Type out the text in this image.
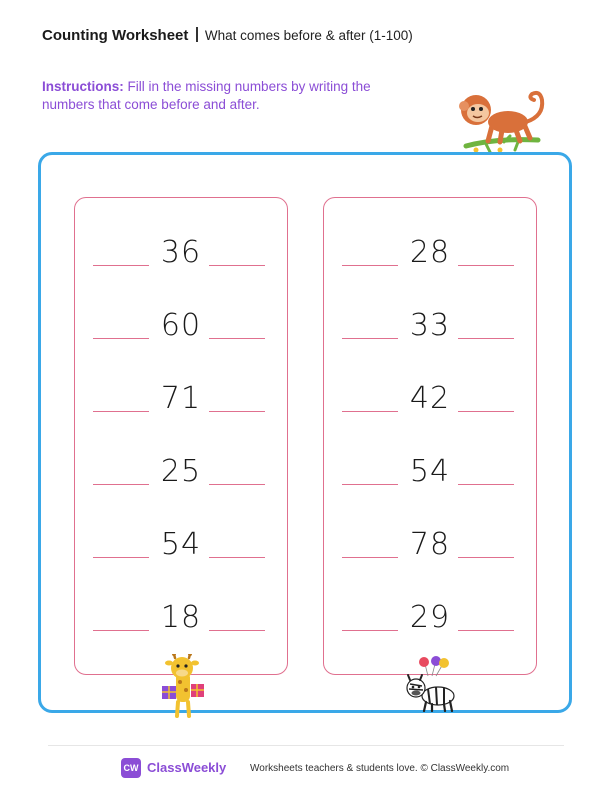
Counting Worksheet What comes before & after (1-100)
Instructions: Fill in the missing numbers by writing the numbers that come before and after.
36
60
71
25
54
18
28
33
42
54
78
29
CW ClassWeekly Worksheets teachers & students love. © ClassWeekly.com
